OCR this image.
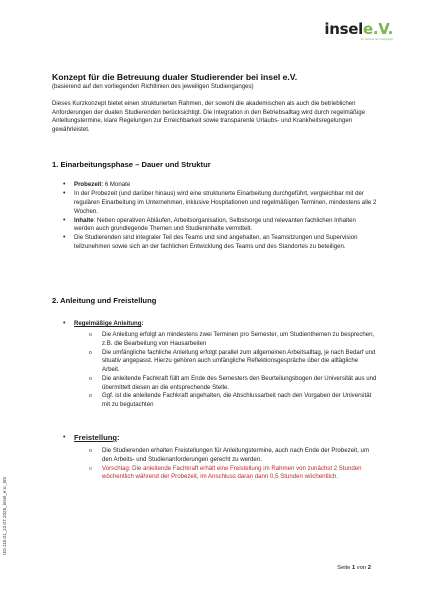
insele.V.
Im Verbund der Inselgruppe
Konzept für die Betreuung dualer Studierender bei insel e.V.
(basierend auf den vorliegenden Richtlinien des jeweiligen Studienganges)

Dieses Kurzkonzept bietet einen strukturierten Rahmen, der sowohl die akademischen als auch die betrieblichen Anforderungen der dualen Studierenden berücksichtigt. Die Integration in den Betriebsalltag wird durch regelmäßige Anleitungstermine, klare Regelungen zur Erreichbarkeit sowie transparente Urlaubs- und Krankheitsregelungen gewährleistet.

1. Einarbeitungsphase – Dauer und Struktur
• Probezeit: 6 Monate
• In der Probezeit (und darüber hinaus) wird eine strukturierte Einarbeitung durchgeführt, vergleichbar mit der regulären Einarbeitung im Unternehmen, inklusive Hospitationen und regelmäßigen Terminen, mindestens alle 2 Wochen.
• Inhalte: Neben operativen Abläufen, Arbeitsorganisation, Selbstsorge und relevanten fachlichen Inhalten werden auch grundlegende Themen und Studieninhalte vermittelt.
• Die Studierenden sind integraler Teil des Teams und sind angehalten, an Teamsitzungen und Supervision teilzunehmen sowie sich an der fachlichen Entwicklung des Teams und des Standortes zu beteiligen.
2. Anleitung und Freistellung
• Regelmäßige Anleitung:
o Die Anleitung erfolgt an mindestens zwei Terminen pro Semester, um Studienthemen zu besprechen, z.B. die Bearbeitung von Hausarbeiten
o Die umfängliche fachliche Anleitung erfolgt parallel zum allgemeinen Arbeitsalltag, je nach Bedarf und situativ angepasst. Hierzu gehören auch umfängliche Reflektionsgespräche über die alltägliche Arbeit.
o Die anleitende Fachkraft füllt am Ende des Semesters den Beurteilungsbogen der Universität aus und übermittelt diesen an die entsprechende Stelle.
o Ggf. ist die anleitende Fachkraft angehalten, die Abschlussarbeit nach den Vorgaben der Universität mit zu begutachten
• Freistellung:
o Die Studierenden erhalten Freistellungen für Anleitungstermine, auch nach Ende der Probezeit, um den Arbeits- und Studienanforderungen gerecht zu werden.
o Vorschlag: Die anleitende Fachkraft erhält eine Freistellung im Rahmen von zunächst 2 Stunden wöchentlich während der Probezeit, im Anschluss daran dann 0,5 Stunden wöchentlich.
UD.115.01_22.07.2025_insel_e.V._BS
Seite 1 von 2
